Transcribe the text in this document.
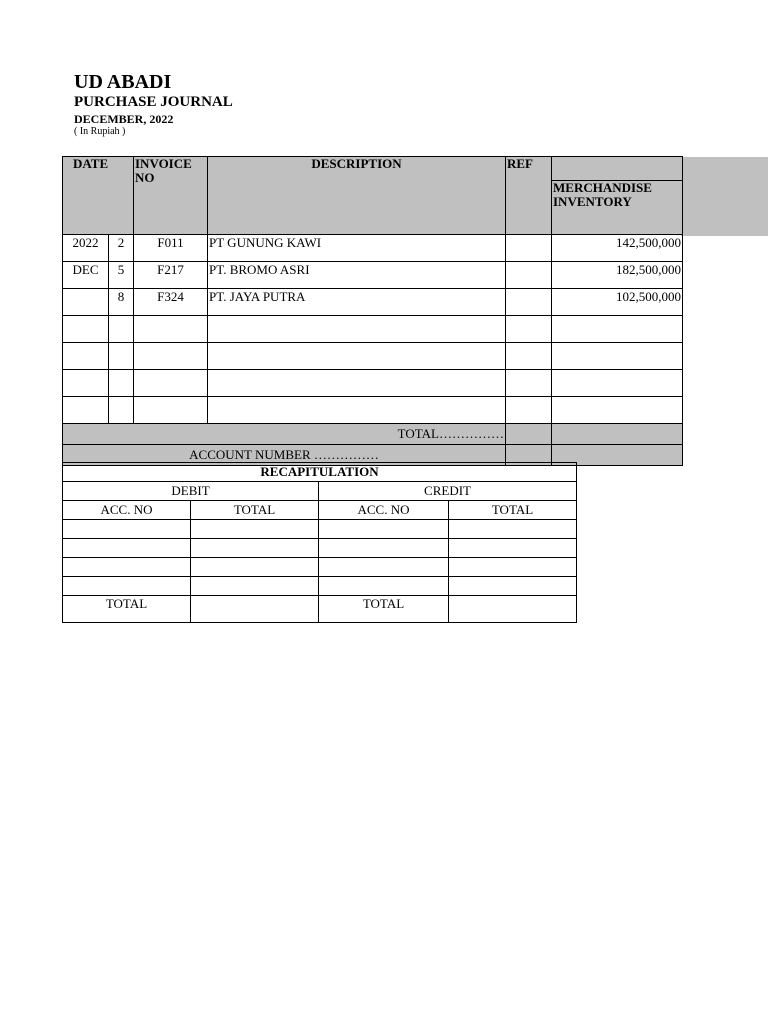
UD ABADI
PURCHASE JOURNAL
DECEMBER, 2022
( In Rupiah )
DATE		INVOICE NO	DESCRIPTION	REF	
					MERCHANDISE INVENTORY
2022	2	F011	PT GUNUNG KAWI		142,500,000
DEC	5	F217	PT. BROMO ASRI		182,500,000
	8	F324	PT. JAYA PUTRA		102,500,000

TOTAL……………					
ACCOUNT NUMBER ……………					
RECAPITULATION			
DEBIT		CREDIT	
ACC. NO	TOTAL	ACC. NO	TOTAL

TOTAL		TOTAL	
